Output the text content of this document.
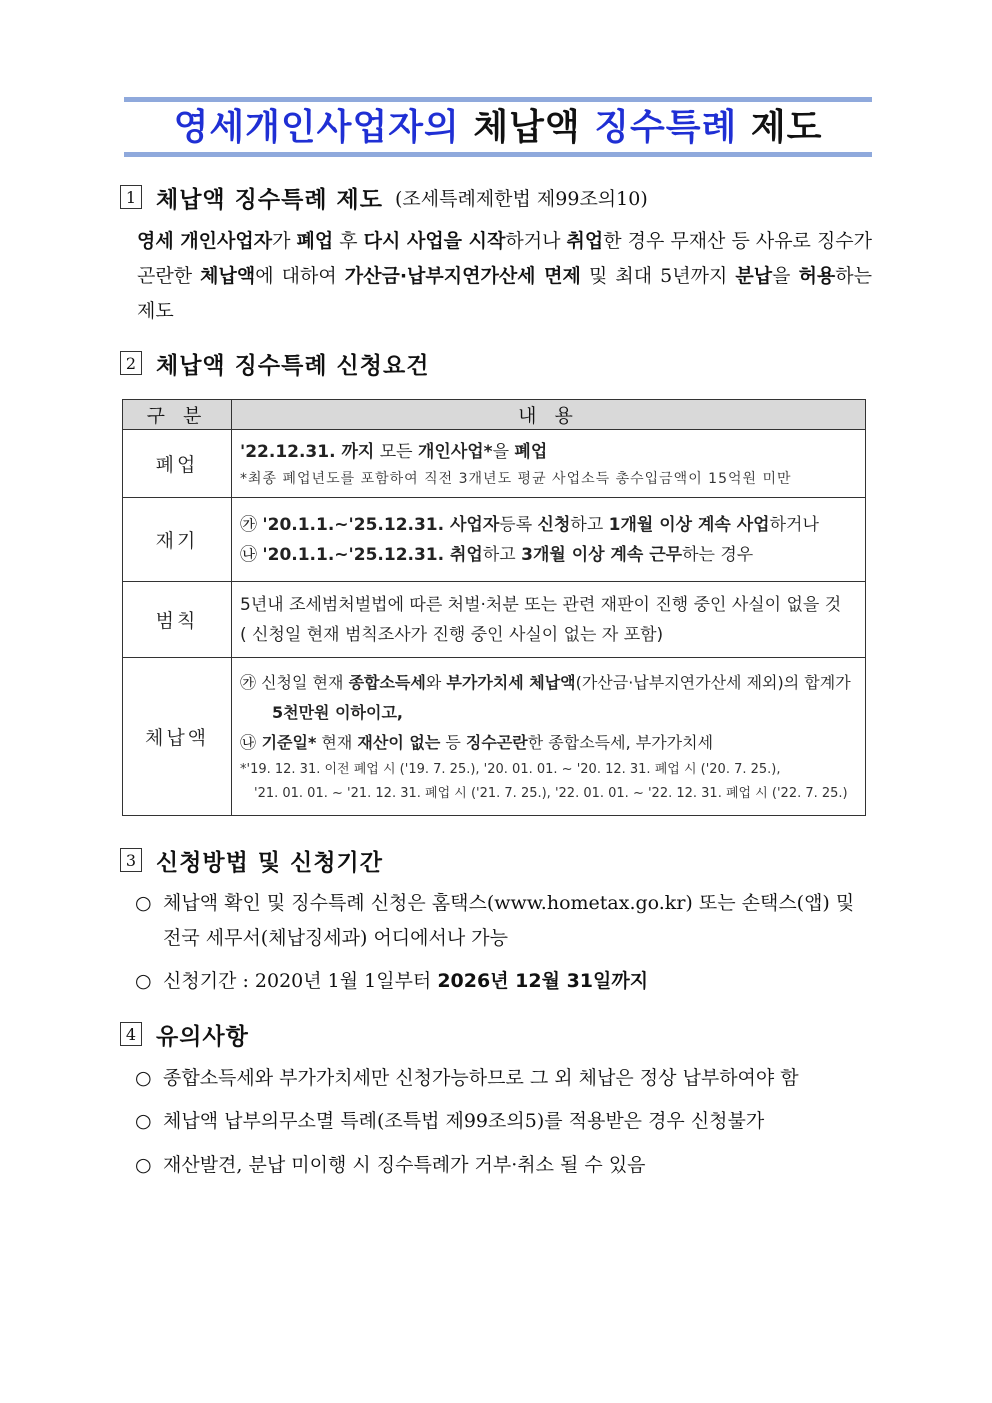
영세개인사업자의 체납액 징수특례 제도
1 체납액 징수특례 제도 (조세특례제한법 제99조의10)
영세 개인사업자가 폐업 후 다시 사업을 시작하거나 취업한 경우 무재산 등 사유로 징수가 곤란한 체납액에 대하여 가산금·납부지연가산세 면제 및 최대 5년까지 분납을 허용하는 제도
2 체납액 징수특례 신청요건
구 분	내 용
폐업	'22.12.31. 까지 모든 개인사업*을 폐업
*최종 폐업년도를 포함하여 직전 3개년도 평균 사업소득 총수입금액이 15억원 미만

재기	㉮ '20.1.1.~'25.12.31. 사업자등록 신청하고 1개월 이상 계속 사업하거나
㉯ '20.1.1.~'25.12.31. 취업하고 3개월 이상 계속 근무하는 경우

범칙	5년내 조세범처벌법에 따른 처벌·처분 또는 관련 재판이 진행 중인 사실이 없을 것
( 신청일 현재 범칙조사가 진행 중인 사실이 없는 자 포함)

체납액	㉮ 신청일 현재 종합소득세와 부가가치세 체납액(가산금·납부지연가산세 제외)의 합계가
5천만원 이하이고,
㉯ 기준일* 현재 재산이 없는 등 징수곤란한 종합소득세, 부가가치세
*'19. 12. 31. 이전 폐업 시 ('19. 7. 25.), '20. 01. 01. ~ '20. 12. 31. 폐업 시 ('20. 7. 25.),
'21. 01. 01. ~ '21. 12. 31. 폐업 시 ('21. 7. 25.), '22. 01. 01. ~ '22. 12. 31. 폐업 시 ('22. 7. 25.)
3 신청방법 및 신청기간
○ 체납액 확인 및 징수특례 신청은 홈택스(www.hometax.go.kr) 또는 손택스(앱) 및 전국 세무서(체납징세과) 어디에서나 가능
○ 신청기간 : 2020년 1월 1일부터 2026년 12월 31일까지
4 유의사항
○ 종합소득세와 부가가치세만 신청가능하므로 그 외 체납은 정상 납부하여야 함
○ 체납액 납부의무소멸 특례(조특법 제99조의5)를 적용받은 경우 신청불가
○ 재산발견, 분납 미이행 시 징수특례가 거부·취소 될 수 있음
